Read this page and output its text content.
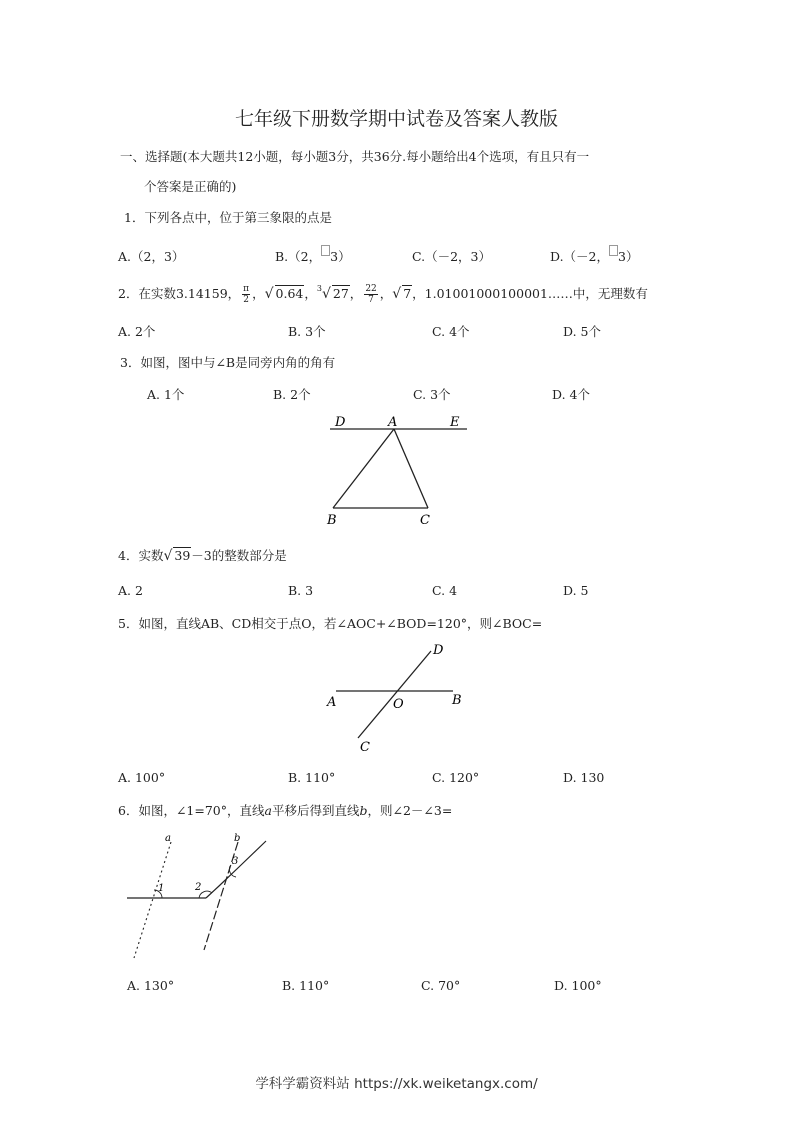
七年级下册数学期中试卷及答案人教版
一、选择题(本大题共12小题，每小题3分，共36分.每小题给出4个选项，有且只有一
个答案是正确的)
1．下列各点中，位于第三象限的点是
A.（2，3）	B.（2， 3）	C.（－2，3）	D.（－2， 3）
2．在实数3.14159， $\frac{\pi}{2}$ ，√ 0.64，$^3$√ 27， $\frac{22}{7}$ ，√ 7，1.01001000100001……中，无理数有
A. 2个	B. 3个	C. 4个	D. 5个
3．如图，图中与∠B是同旁内角的角有
A. 1个	B. 2个	C. 3个	D. 4个
D	A	E
B	C
4．实数√ 39－3的整数部分是
A. 2	B. 3	C. 4	D. 5
5．如图，直线AB、CD相交于点O，若∠AOC+∠BOD=120°，则∠BOC=
D
A	O	B
C
A. 100°	B. 110°	C. 120°	D. 130
6．如图，∠1=70°，直线a平移后得到直线b，则∠2－∠3=
a	b
1	2
3
A. 130°	B. 110°	C. 70°	D. 100°
学科学霸资料站 https://xk.weiketangx.com/
